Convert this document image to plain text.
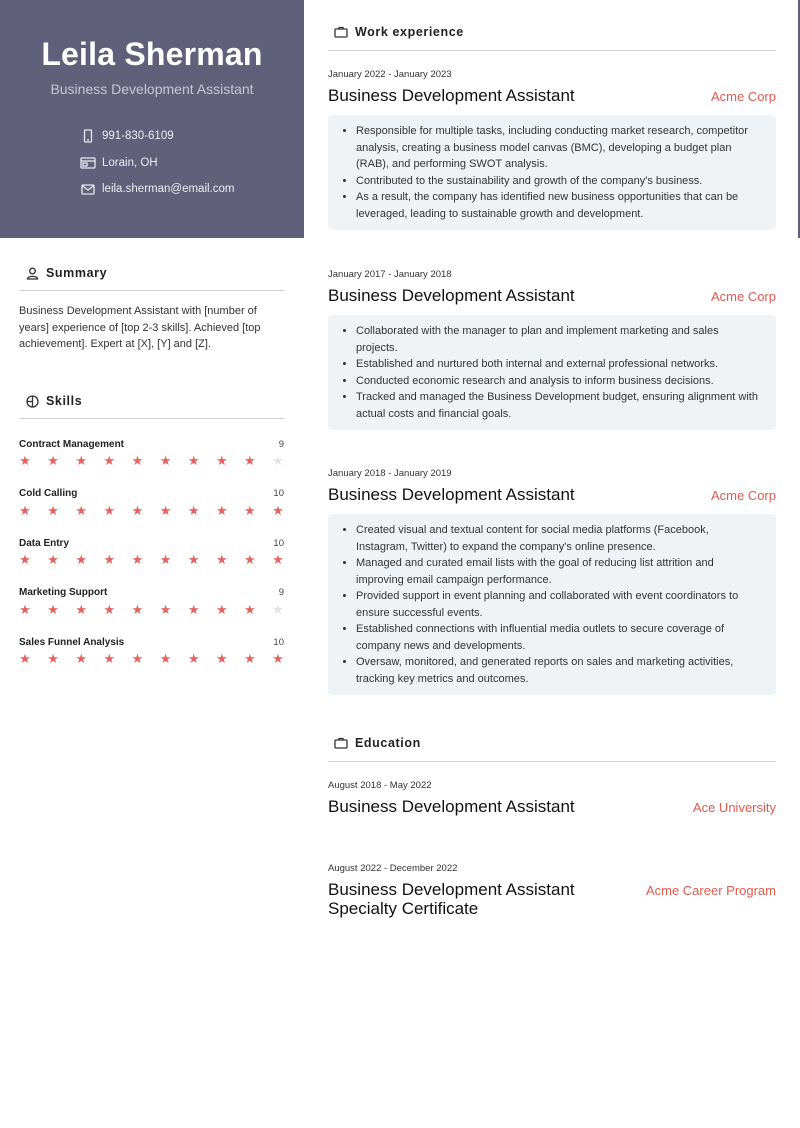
Leila Sherman
Business Development Assistant
991-830-6109
Lorain, OH
leila.sherman@email.com
Summary

Business Development Assistant with [number of years] experience of [top 2-3 skills]. Achieved [top achievement]. Expert at [X], [Y] and [Z].

Skills
Contract Management	9
★ ★ ★ ★ ★ ★ ★ ★ ★ ★
Cold Calling	10
★ ★ ★ ★ ★ ★ ★ ★ ★ ★
Data Entry	10
★ ★ ★ ★ ★ ★ ★ ★ ★ ★
Marketing Support	9
★ ★ ★ ★ ★ ★ ★ ★ ★ ★
Sales Funnel Analysis	10
★ ★ ★ ★ ★ ★ ★ ★ ★ ★
Work experience
January 2022 - January 2023
Business Development Assistant	Acme Corp
• Responsible for multiple tasks, including conducting market research, competitor analysis, creating a business model canvas (BMC), developing a budget plan (RAB), and performing SWOT analysis.
• Contributed to the sustainability and growth of the company's business.
• As a result, the company has identified new business opportunities that can be leveraged, leading to sustainable growth and development.
January 2017 - January 2018
Business Development Assistant	Acme Corp
• Collaborated with the manager to plan and implement marketing and sales projects.
• Established and nurtured both internal and external professional networks.
• Conducted economic research and analysis to inform business decisions.
• Tracked and managed the Business Development budget, ensuring alignment with actual costs and financial goals.
January 2018 - January 2019
Business Development Assistant	Acme Corp
• Created visual and textual content for social media platforms (Facebook, Instagram, Twitter) to expand the company's online presence.
• Managed and curated email lists with the goal of reducing list attrition and improving email campaign performance.
• Provided support in event planning and collaborated with event coordinators to ensure successful events.
• Established connections with influential media outlets to secure coverage of company news and developments.
• Oversaw, monitored, and generated reports on sales and marketing activities, tracking key metrics and outcomes.
Education
August 2018 - May 2022
Business Development Assistant	Ace University
August 2022 - December 2022
Business Development Assistant Specialty Certificate
Acme Career Program
